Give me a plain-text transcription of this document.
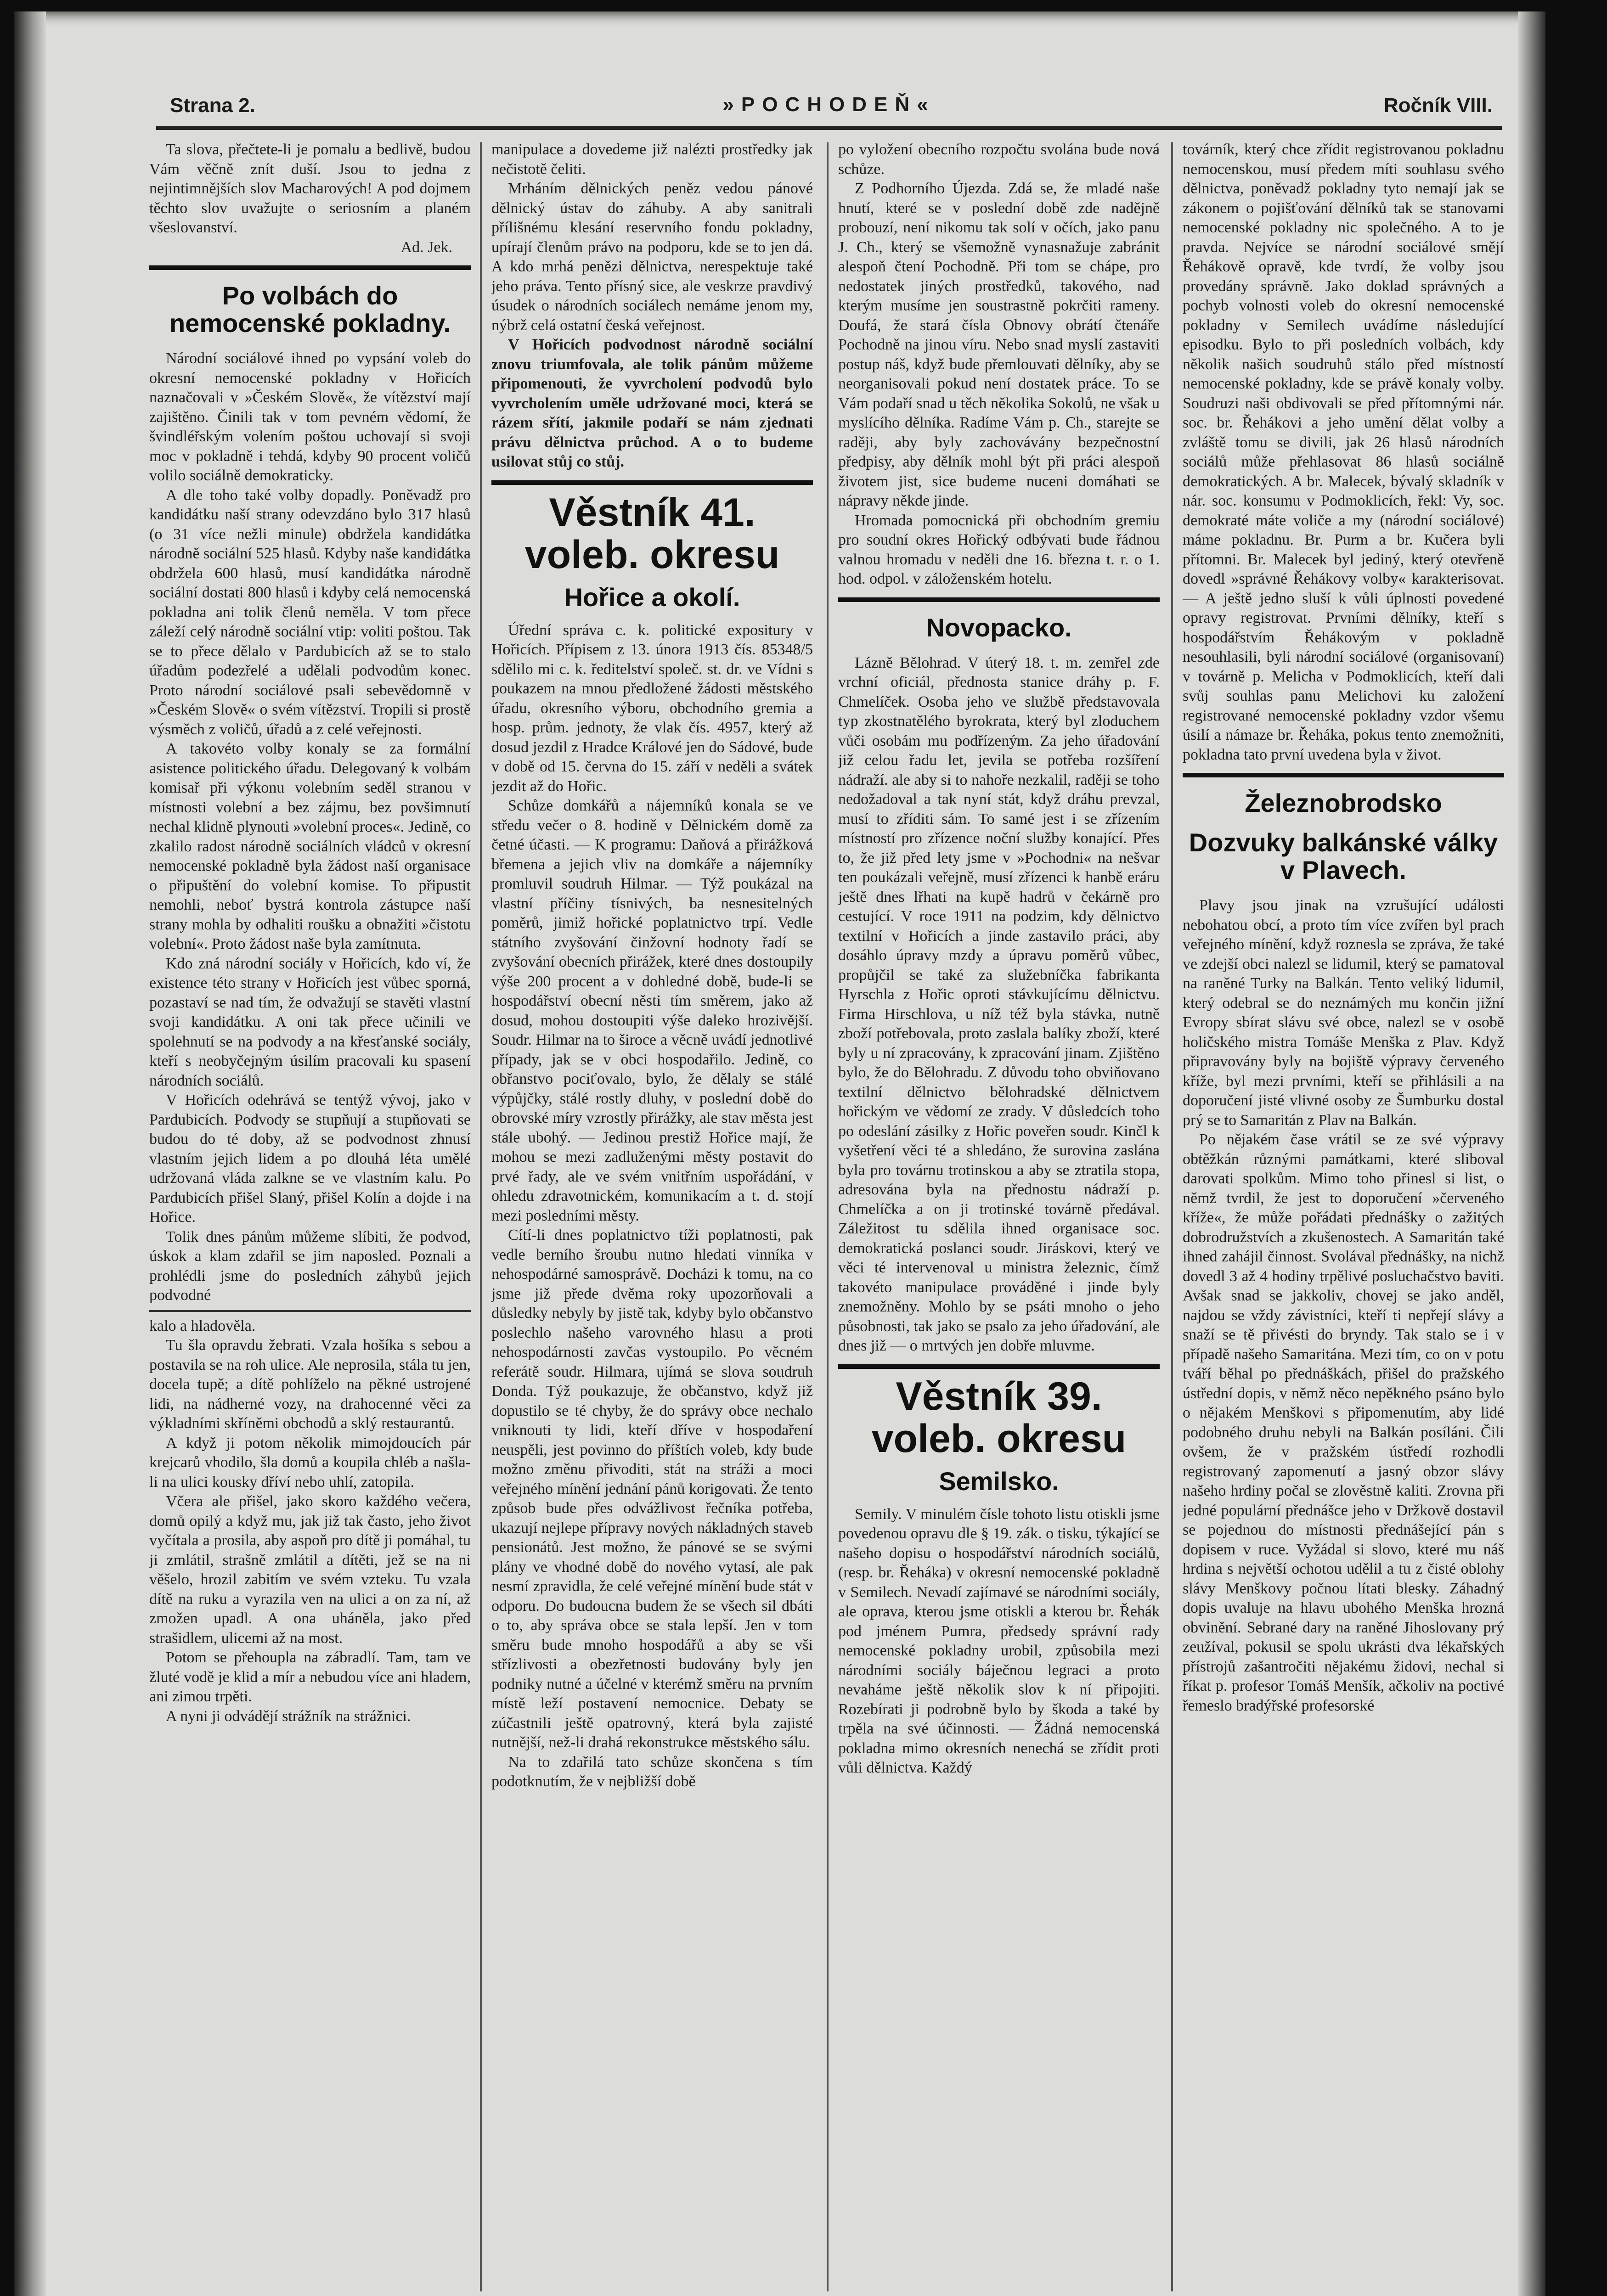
Strana 2.	»POCHODEŇ«	Ročník VIII.

Ta slova, přečtete-li je pomalu a bedlivě, budou Vám věčně znít duší. Jsou to jedna z nejintimnějších slov Macharových! A pod dojmem těchto slov uvažujte o seriosním a planém všeslovanství.

Ad. Jek.

Po volbách do nemocenské pokladny.

Národní sociálové ihned po vypsání voleb do okresní nemocenské pokladny v Hořicích naznačovali v »Českém Slově«, že vítězství mají zajištěno. Činili tak v tom pevném vědomí, že švindléřským volením poštou uchovají si svoji moc v pokladně i tehdá, kdyby 90 procent voličů volilo sociálně demokraticky.

A dle toho také volby dopadly. Poněvadž pro kandidátku naší strany odevzdáno bylo 317 hlasů (o 31 více nežli minule) obdržela kandidátka národně sociální 525 hlasů. Kdyby naše kandidátka obdržela 600 hlasů, musí kandidátka národně sociální dostati 800 hlasů i kdyby celá nemocenská pokladna ani tolik členů neměla. V tom přece záleží celý národně sociální vtip: voliti poštou. Tak se to přece dělalo v Pardubicích až se to stalo úřadům podezřelé a udělali podvodům konec. Proto národní sociálové psali sebevědomně v »Českém Slově« o svém vítězství. Tropili si prostě výsměch z voličů, úřadů a z celé veřejnosti.

A takovéto volby konaly se za formální asistence politického úřadu. Delegovaný k volbám komisař při výkonu volebním seděl stranou v místnosti volební a bez zájmu, bez povšimnutí nechal klidně plynouti »volební proces«. Jedině, co zkalilo radost národně sociálních vládců v okresní nemocenské pokladně byla žádost naší organisace o připuštění do volební komise. To připustit nemohli, neboť bystrá kontrola zástupce naší strany mohla by odhaliti roušku a obnažiti »čistotu volební«. Proto žádost naše byla zamítnuta.

Kdo zná národní sociály v Hořicích, kdo ví, že existence této strany v Hořicích jest vůbec sporná, pozastaví se nad tím, že odvažují se stavěti vlastní svoji kandidátku. A oni tak přece učinili ve spolehnutí se na podvody a na křesťanské sociály, kteří s neobyčejným úsilím pracovali ku spasení národních sociálů.

V Hořicích odehrává se tentýž vývoj, jako v Pardubicích. Podvody se stupňují a stupňovati se budou do té doby, až se podvodnost zhnusí vlastním jejich lidem a po dlouhá léta umělé udržovaná vláda zalkne se ve vlastním kalu. Po Pardubicích přišel Slaný, přišel Kolín a dojde i na Hořice.

Tolik dnes pánům můžeme slíbiti, že podvod, úskok a klam zdařil se jim naposled. Poznali a prohlédli jsme do posledních záhybů jejich podvodné

kalo a hladověla.

Tu šla opravdu žebrati. Vzala hošíka s sebou a postavila se na roh ulice. Ale neprosila, stála tu jen, docela tupě; a dítě pohlíželo na pěkné ustrojené lidi, na nádherné vozy, na drahocenné věci za výkladními skříněmi obchodů a sklý restaurantů.

A když ji potom několik mimojdoucích pár krejcarů vhodilo, šla domů a koupila chléb a našla-li na ulici kousky dříví nebo uhlí, zatopila.

Včera ale přišel, jako skoro každého večera, domů opilý a když mu, jak již tak často, jeho život vyčítala a prosila, aby aspoň pro dítě ji pomáhal, tu ji zmlátil, strašně zmlátil a dítěti, jež se na ni věšelo, hrozil zabitím ve svém vzteku. Tu vzala dítě na ruku a vyrazila ven na ulici a on za ní, až zmožen upadl. A ona uháněla, jako před strašidlem, ulicemi až na most.

Potom se přehoupla na zábradlí. Tam, tam ve žluté vodě je klid a mír a nebudou více ani hladem, ani zimou trpěti.

A nyni ji odvádějí strážník na strážnici.

manipulace a dovedeme již nalézti prostředky jak nečistotě čeliti.

Mrháním dělnických peněz vedou pánové dělnický ústav do záhuby. A aby sanitrali přílišnému klesání reservního fondu pokladny, upírají členům právo na podporu, kde se to jen dá. A kdo mrhá penězi dělnictva, nerespektuje také jeho práva. Tento přísný sice, ale veskrze pravdivý úsudek o národních sociálech nemáme jenom my, nýbrž celá ostatní česká veřejnost.

V Hořicích podvodnost národně sociální znovu triumfovala, ale tolik pánům můžeme připomenouti, že vyvrcholení podvodů bylo vyvrcholením uměle udržované moci, která se rázem sřítí, jakmile podaří se nám zjednati právu dělnictva průchod. A o to budeme usilovat stůj co stůj.

Věstník 41. voleb. okresu
Hořice a okolí.

Úřední správa c. k. politické expositury v Hořicích. Přípisem z 13. února 1913 čís. 85348/5 sdělilo mi c. k. ředitelství společ. st. dr. ve Vídni s poukazem na mnou předložené žádosti městského úřadu, okresního výboru, obchodního gremia a hosp. prům. jednoty, že vlak čís. 4957, který až dosud jezdil z Hradce Králové jen do Sádové, bude v době od 15. června do 15. září v neděli a svátek jezdit až do Hořic.

Schůze domkářů a nájemníků konala se ve středu večer o 8. hodině v Dělnickém domě za četné účasti. — K programu: Daňová a přirážková břemena a jejich vliv na domkáře a nájemníky promluvil soudruh Hilmar. — Týž poukázal na vlastní příčiny tísnivých, ba nesnesitelných poměrů, jimiž hořické poplatnictvo trpí. Vedle státního zvyšování činžovní hodnoty řadí se zvyšování obecních přirážek, které dnes dostoupily výše 200 procent a v dohledné době, bude-li se hospodářství obecní něsti tím směrem, jako až dosud, mohou dostoupiti výše daleko hrozivější. Soudr. Hilmar na to široce a věcně uvádí jednotlivé případy, jak se v obci hospodařilo. Jedině, co obřanstvo pociťovalo, bylo, že dělaly se stálé výpůjčky, stálé rostly dluhy, v poslední době do obrovské míry vzrostly přirážky, ale stav města jest stále ubohý. — Jedinou prestiž Hořice mají, že mohou se mezi zadluženými městy postavit do prvé řady, ale ve svém vnitřním uspořádání, v ohledu zdravotnickém, komunikacím a t. d. stojí mezi posledními městy.

Cítí-li dnes poplatnictvo tíži poplatnosti, pak vedle berního šroubu nutno hledati vinníka v nehospodárné samosprávě. Docházi k tomu, na co jsme již přede dvěma roky upozorňovali a důsledky nebyly by jistě tak, kdyby bylo občanstvo poslechlo našeho varovného hlasu a proti nehospodárnosti zavčas vystoupilo. Po věcném referátě soudr. Hilmara, ujímá se slova soudruh Donda. Týž poukazuje, že občanstvo, když již dopustilo se té chyby, že do správy obce nechalo vniknouti ty lidi, kteří dříve v hospodaření neuspěli, jest povinno do příštích voleb, kdy bude možno změnu přivoditi, stát na stráži a moci veřejného mínění jednání pánů korigovati. Že tento způsob bude přes odvážlivost řečníka potřeba, ukazují nejlepe přípravy nových nákladných staveb pensionátů. Jest možno, že pánové se se svými plány ve vhodné době do nového vytasí, ale pak nesmí zpravidla, že celé veřejné mínění bude stát v odporu. Do budoucna budem že se všech sil dbáti o to, aby správa obce se stala lepší. Jen v tom směru bude mnoho hospodářů a aby se vši střízlivosti a obezřetnosti budovány byly jen podniky nutné a účelné v kterémž směru na prvním místě leží postavení nemocnice. Debaty se zúčastnili ještě opatrovný, která byla zajisté nutnější, než-li drahá rekonstrukce městského sálu.

Na to zdařilá tato schůze skončena s tím podotknutím, že v nejbližší době

po vyložení obecního rozpočtu svolána bude nová schůze.

Z Podhorního Újezda. Zdá se, že mladé naše hnutí, které se v poslední době zde nadějně probouzí, není nikomu tak solí v očích, jako panu J. Ch., který se všemožně vynasnažuje zabránit alespoň čtení Pochodně. Při tom se chápe, pro nedostatek jiných prostředků, takového, nad kterým musíme jen soustrastně pokrčiti rameny. Doufá, že stará čísla Obnovy obrátí čtenáře Pochodně na jinou víru. Nebo snad myslí zastaviti postup náš, když bude přemlouvati dělníky, aby se neorganisovali pokud není dostatek práce. To se Vám podaří snad u těch několika Sokolů, ne však u myslícího dělníka. Radíme Vám p. Ch., starejte se raději, aby byly zachovávány bezpečnostní předpisy, aby dělník mohl být při práci alespoň životem jist, sice budeme nuceni domáhati se nápravy někde jinde.

Hromada pomocnická při obchodním gremiu pro soudní okres Hořický odbývati bude řádnou valnou hromadu v neděli dne 16. března t. r. o 1. hod. odpol. v záloženském hotelu.

Novopacko.

Lázně Bělohrad. V úterý 18. t. m. zemřel zde vrchní oficiál, přednosta stanice dráhy p. F. Chmelíček. Osoba jeho ve službě představovala typ zkostnatělého byrokrata, který byl zloduchem vůči osobám mu podřízeným. Za jeho úřadování již celou řadu let, jevila se potřeba rozšíření nádraží. ale aby si to nahoře nezkalil, raději se toho nedožadoval a tak nyní stát, když dráhu prevzal, musí to zříditi sám. To samé jest i se zřízením místností pro zřízence noční služby konající. Přes to, že již před lety jsme v »Pochodni« na nešvar ten poukázali veřejně, musí zřízenci k hanbě eráru ještě dnes lřhati na kupě hadrů v čekárně pro cestující. V roce 1911 na podzim, kdy dělnictvo textilní v Hořicích a jinde zastavilo práci, aby dosáhlo úpravy mzdy a úpravu poměrů vůbec, propůjčil se také za služebníčka fabrikanta Hyrschla z Hořic oproti stávkujícímu dělnictvu. Firma Hirschlova, u níž též byla stávka, nutně zboží potřebovala, proto zaslala balíky zboží, které byly u ní zpracovány, k zpracování jinam. Zjištěno bylo, že do Bělohradu. Z důvodu toho obviňovano textilní dělnictvo bělohradské dělnictvem hořickým ve vědomí ze zrady. V důsledcích toho po odeslání zásilky z Hořic poveřen soudr. Kinčl k vyšetření věci té a shledáno, že surovina zaslána byla pro továrnu trotinskou a aby se ztratila stopa, adresována byla na přednostu nádraží p. Chmelíčka a on ji trotinské továrně předával. Záležitost tu sdělila ihned organisace soc. demokratická poslanci soudr. Jiráskovi, který ve věci té intervenoval u ministra železnic, čímž takovéto manipulace prováděné i jinde byly znemožněny. Mohlo by se psáti mnoho o jeho působnosti, tak jako se psalo za jeho úřadování, ale dnes již — o mrtvých jen dobře mluvme.

Věstník 39. voleb. okresu
Semilsko.

Semily. V minulém čísle tohoto listu otiskli jsme povedenou opravu dle § 19. zák. o tisku, týkající se našeho dopisu o hospodářství národních sociálů, (resp. br. Řehákа) v okresní nemocenské pokladně v Semilech. Nevadí zajímavé se národními sociály, ale oprava, kterou jsme otiskli a kterou br. Řehák pod jménem Pumra, předsedy správní rady nemocenské pokladny urobil, způsobila mezi národními sociály báječnou legraci a proto nevaháme ještě několik slov k ní připojiti. Rozebírati ji podrobně bylo by škoda a také by trpěla na své účinnosti. — Žádná nemocenská pokladna mimo okresních nenechá se zřídit proti vůli dělnictva. Každý

továrník, který chce zřídit registrovanou pokladnu nemocenskou, musí předem míti souhlasu svého dělnictva, poněvadž pokladny tyto nemají jak se zákonem o pojišťování dělníků tak se stanovami nemocenské pokladny nic společného. A to je pravda. Nejvíce se národní sociálové smějí Řehákově opravě, kde tvrdí, že volby jsou provedány správně. Jako doklad správných a pochyb volnosti voleb do okresní nemocenské pokladny v Semilech uvádíme následující episodku. Bylo to při posledních volbách, kdy několik našich soudruhů stálo před místností nemocenské pokladny, kde se právě konaly volby. Soudruzi naši obdivovali se před přítomnými nár. soc. br. Řehákovi a jeho umění dělat volby a zvláště tomu se divili, jak 26 hlasů národních sociálů může přehlasovat 86 hlasů sociálně demokratických. A br. Malecek, bývalý skladník v nár. soc. konsumu v Podmoklicích, řekl: Vy, soc. demokraté máte voliče a my (národní sociálové) máme pokladnu. Br. Purm a br. Kučera byli přítomni. Br. Malecek byl jediný, který otevřeně dovedl »správné Řehákovy volby« karakterisovat. — A ještě jedno sluší k vůli úplnosti povedené opravy registrovat. Prvními dělníky, kteří s hospodářstvím Řehákovým v pokladně nesouhlasili, byli národní sociálové (organisovaní) v továrně p. Melicha v Podmoklicích, kteří dali svůj souhlas panu Melichovi ku založení registrované nemocenské pokladny vzdor všemu úsilí a námaze br. Řeháka, pokus tento znemožniti, pokladna tato první uvedena byla v život.

Železnobrodsko
Dozvuky balkánské války v Plavech.

Plavy jsou jinak na vzrušující události nebohatou obcí, a proto tím více zvířen byl prach veřejného mínění, když roznesla se zpráva, že také ve zdejší obci nalezl se lidumil, který se pamatoval na raněné Turky na Balkán. Tento veliký lidumil, který odebral se do neznámých mu končin jižní Evropy sbírat slávu své obce, nalezl se v osobě holičského mistra Tomáše Menška z Plav. Když připravovány byly na bojiště výpravy červeného kříže, byl mezi prvními, kteří se přihlásili a na doporučení jisté vlivné osoby ze Šumburku dostal prý se to Samaritán z Plav na Balkán.

Po nějakém čase vrátil se ze své výpravy obtěžkán různými památkami, které sliboval darovati spolkům. Mimo toho přinesl si list, o němž tvrdil, že jest to doporučení »červeného kříže«, že může pořádati přednášky o zažitých dobrodružstvích a zkušenostech. A Samaritán také ihned zahájil činnost. Svolával přednášky, na nichž dovedl 3 až 4 hodiny trpělivé posluchačstvo baviti. Avšak snad se jakkoliv, chovej se jako anděl, najdou se vždy závistníci, kteří ti nepřejí slávy a snaží se tě přivésti do bryndy. Tak stalo se i v případě našeho Samaritána. Mezi tím, co on v potu tváří běhal po přednáškách, přišel do pražského ústřední dopis, v němž něco nepěkného psáno bylo o nějakém Menškovi s připomenutím, aby lidé podobného druhu nebyli na Balkán posíláni. Čili ovšem, že v pražském ústředí rozhodli registrovaný zapomenutí a jasný obzor slávy našeho hrdiny počal se zlověstně kaliti. Zrovna při jedné populární přednášce jeho v Držkově dostavil se pojednou do místnosti přednášející pán s dopisem v ruce. Vyžádal si slovo, které mu náš hrdina s největší ochotou udělil a tu z čisté oblohy slávy Menškovy počnou lítati blesky. Záhadný dopis uvaluje na hlavu ubohého Menška hrozná obvinění. Sebrané dary na raněné Jihoslovany prý zeužíval, pokusil se spolu ukrásti dva lékařských přístrojů zašantročiti nějakému židovi, nechal si říkat p. profesor Tomáš Menšík, ačkoliv na poctivé řemeslo bradýřské profesorské
